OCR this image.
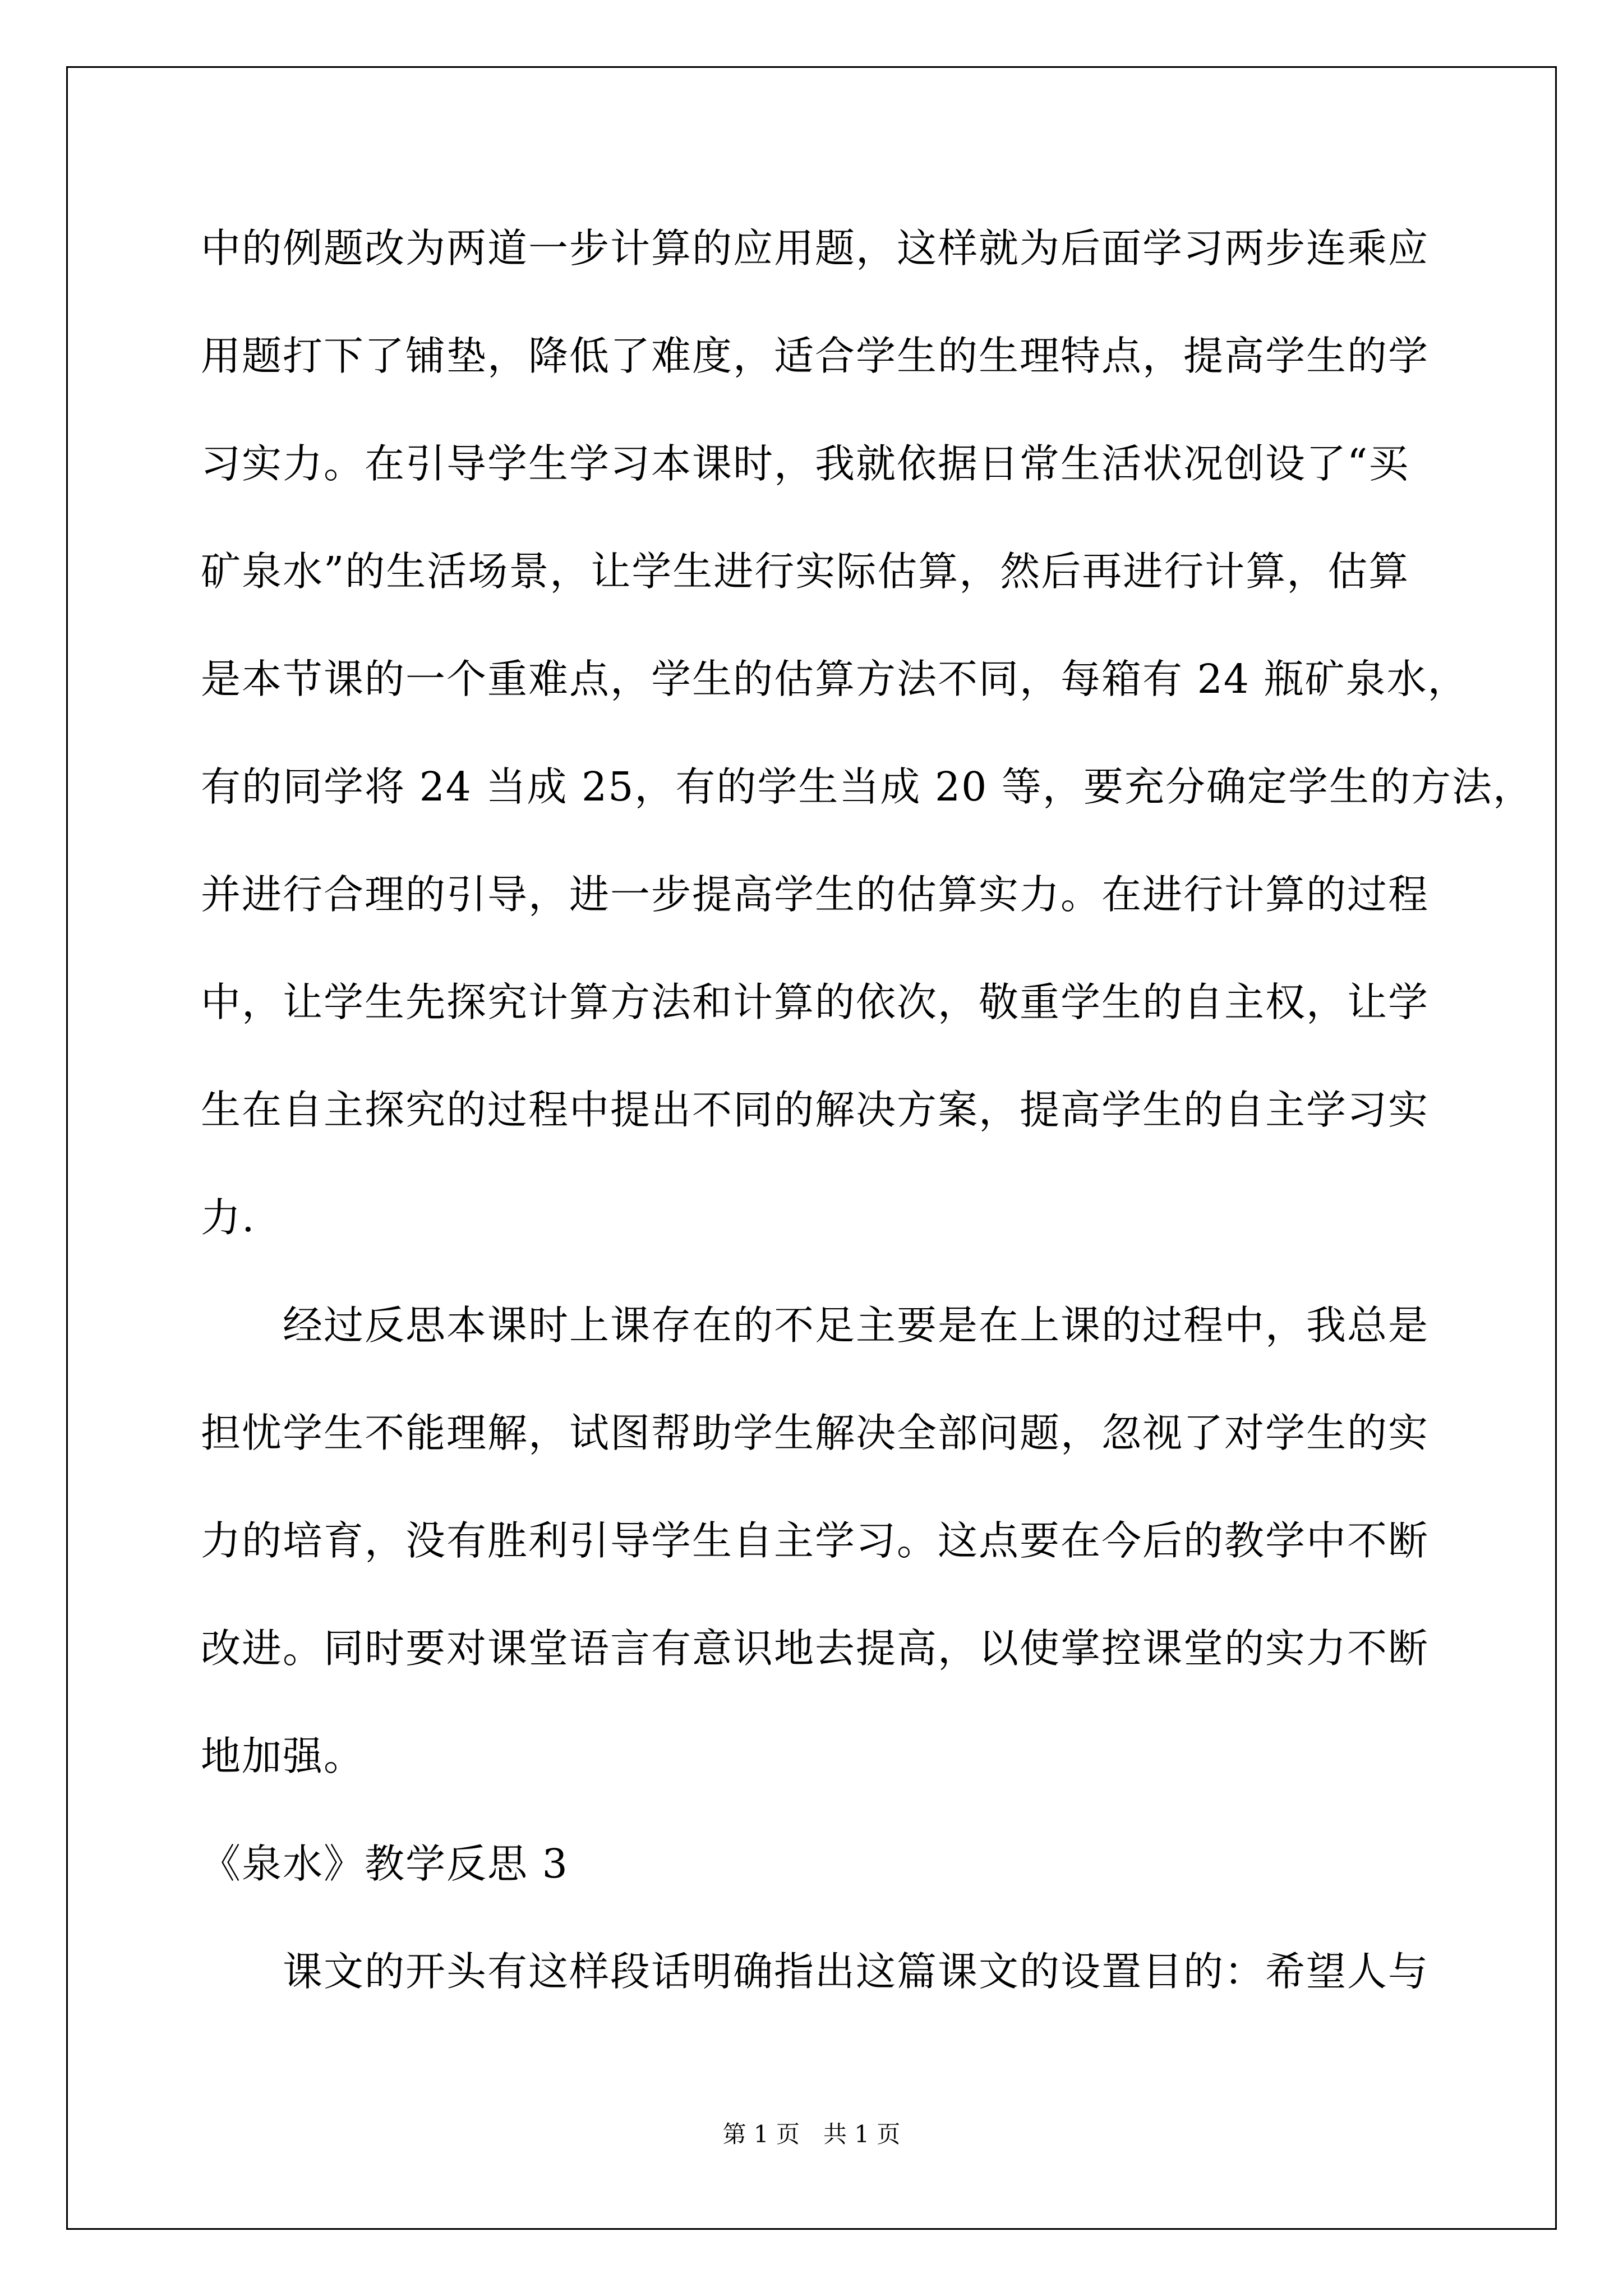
中的例题改为两道一步计算的应用题，这样就为后面学习两步连乘应
用题打下了铺垫，降低了难度，适合学生的生理特点，提高学生的学
习实力。在引导学生学习本课时，我就依据日常生活状况创设了“买
矿泉水”的生活场景，让学生进行实际估算，然后再进行计算，估算
是本节课的一个重难点，学生的估算方法不同，每箱有 24 瓶矿泉水，
有的同学将 24 当成 25，有的学生当成 20 等，要充分确定学生的方法，
并进行合理的引导，进一步提高学生的估算实力。在进行计算的过程
中，让学生先探究计算方法和计算的依次，敬重学生的自主权，让学
生在自主探究的过程中提出不同的解决方案，提高学生的自主学习实
力.
经过反思本课时上课存在的不足主要是在上课的过程中，我总是
担忧学生不能理解，试图帮助学生解决全部问题，忽视了对学生的实
力的培育，没有胜利引导学生自主学习。这点要在今后的教学中不断
改进。同时要对课堂语言有意识地去提高，以使掌控课堂的实力不断
地加强。
《泉水》教学反思 3
课文的开头有这样段话明确指出这篇课文的设置目的：希望人与
第 1 页 共 1 页
